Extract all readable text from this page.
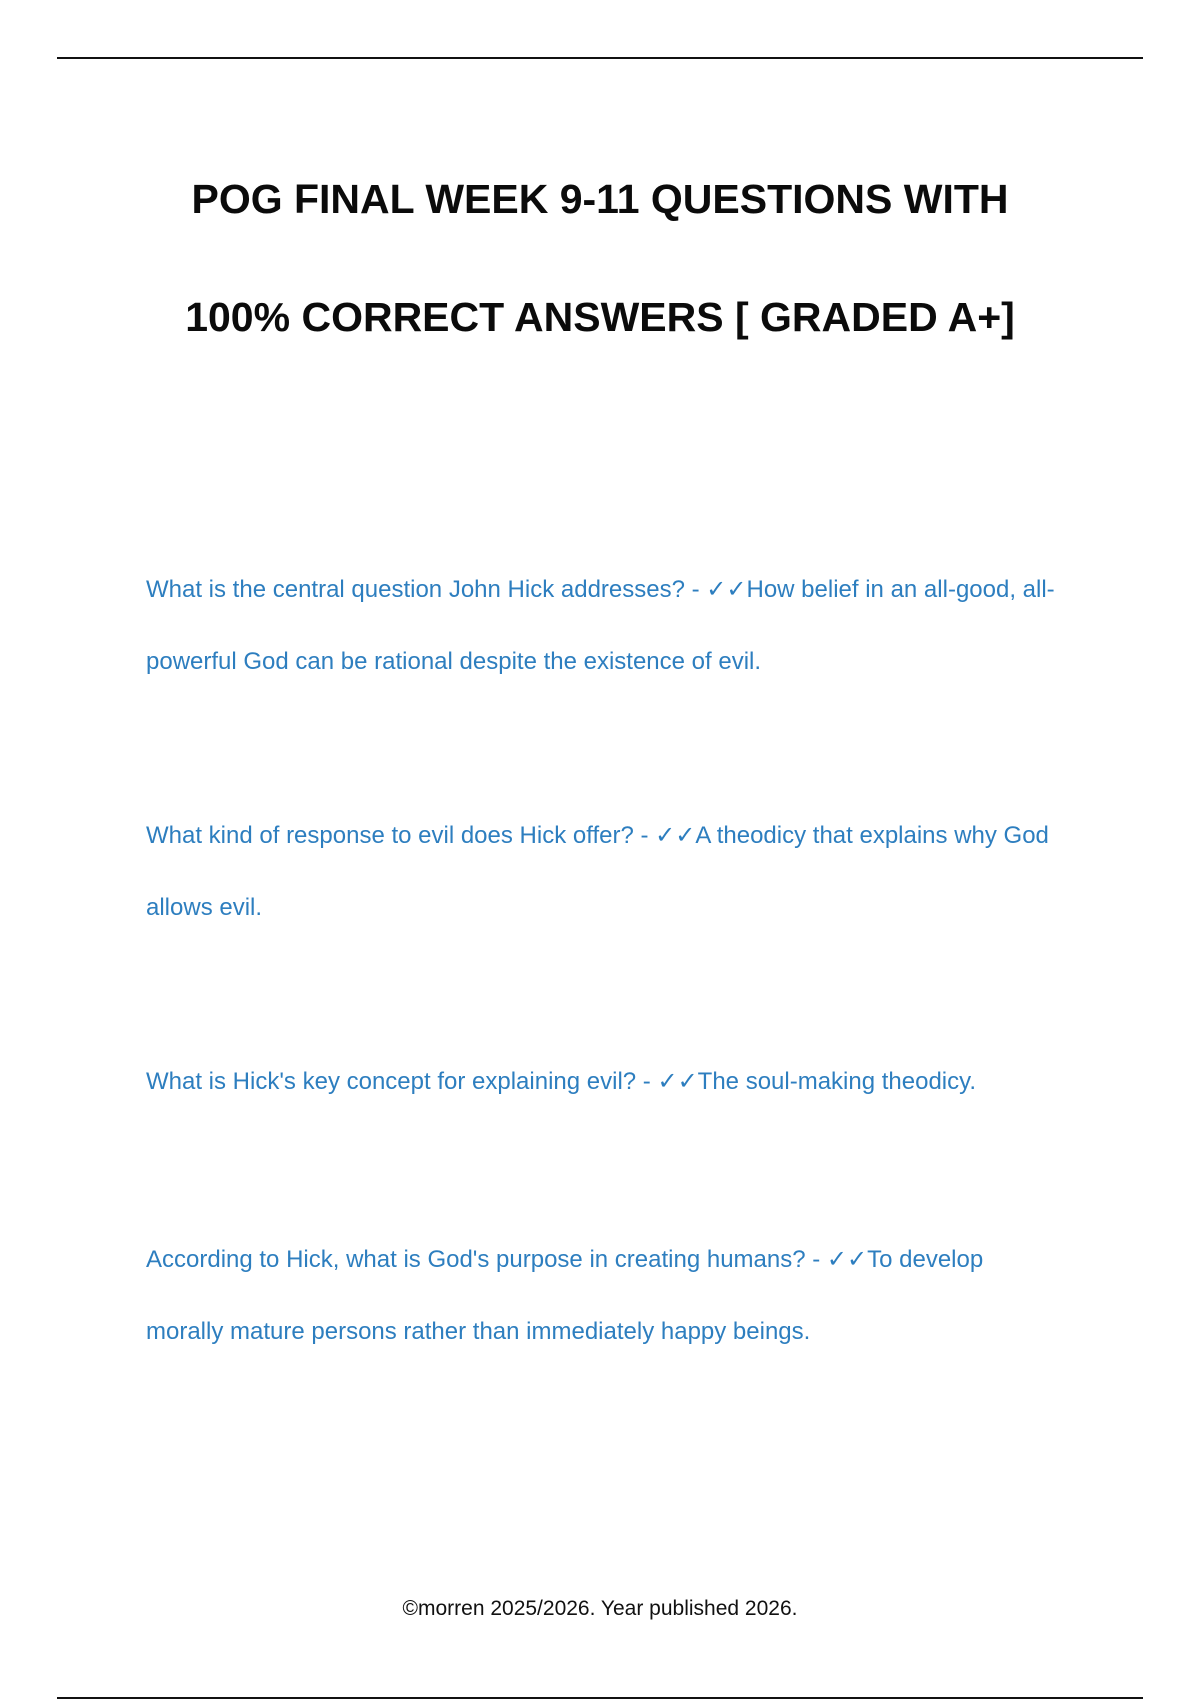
POG FINAL WEEK 9-11 QUESTIONS WITH
100% CORRECT ANSWERS [ GRADED A+]
What is the central question John Hick addresses? - ✓✓How belief in an all-good, all-powerful God can be rational despite the existence of evil.
What kind of response to evil does Hick offer? - ✓✓A theodicy that explains why God allows evil.
What is Hick's key concept for explaining evil? - ✓✓The soul-making theodicy.
According to Hick, what is God's purpose in creating humans? - ✓✓To develop morally mature persons rather than immediately happy beings.
©morren 2025/2026. Year published 2026.
